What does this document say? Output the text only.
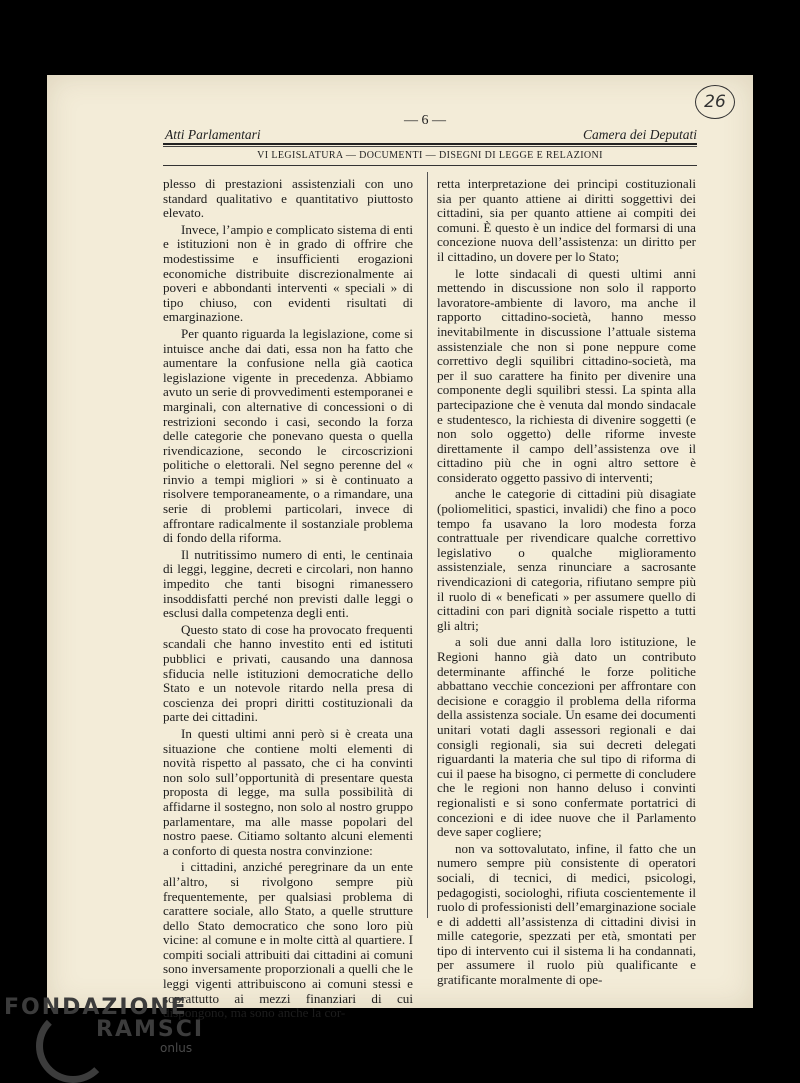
26
— 6 —
Atti Parlamentari	Camera dei Deputati
VI LEGISLATURA — DOCUMENTI — DISEGNI DI LEGGE E RELAZIONI

plesso di prestazioni assistenziali con uno standard qualitativo e quantitativo piuttosto elevato.

Invece, l’ampio e complicato sistema di enti e istituzioni non è in grado di offrire che modestissime e insufficienti erogazioni economiche distribuite discrezionalmente ai poveri e abbondanti interventi « speciali » di tipo chiuso, con evidenti risultati di emarginazione.

Per quanto riguarda la legislazione, come si intuisce anche dai dati, essa non ha fatto che aumentare la confusione nella già caotica legislazione vigente in precedenza. Abbiamo avuto un serie di provvedimenti estemporanei e marginali, con alternative di concessioni o di restrizioni secondo i casi, secondo la forza delle categorie che ponevano questa o quella rivendicazione, secondo le circoscrizioni politiche o elettorali. Nel segno perenne del « rinvio a tempi migliori » si è continuato a risolvere temporaneamente, o a rimandare, una serie di problemi particolari, invece di affrontare radicalmente il sostanziale problema di fondo della riforma.

Il nutritissimo numero di enti, le centinaia di leggi, leggine, decreti e circolari, non hanno impedito che tanti bisogni rimanessero insoddisfatti perché non previsti dalle leggi o esclusi dalla competenza degli enti.

Questo stato di cose ha provocato frequenti scandali che hanno investito enti ed istituti pubblici e privati, causando una dannosa sfiducia nelle istituzioni democratiche dello Stato e un notevole ritardo nella presa di coscienza dei propri diritti costituzionali da parte dei cittadini.

In questi ultimi anni però si è creata una situazione che contiene molti elementi di novità rispetto al passato, che ci ha convinti non solo sull’opportunità di presentare questa proposta di legge, ma sulla possibilità di affidarne il sostegno, non solo al nostro gruppo parlamentare, ma alle masse popolari del nostro paese. Citiamo soltanto alcuni elementi a conforto di questa nostra convinzione:

i cittadini, anziché peregrinare da un ente all’altro, si rivolgono sempre più frequentemente, per qualsiasi problema di carattere sociale, allo Stato, a quelle strutture dello Stato democratico che sono loro più vicine: al comune e in molte città al quartiere. I compiti sociali attribuiti dai cittadini ai comuni sono inversamente proporzionali a quelli che le leggi vigenti attribuiscono ai comuni stessi e soprattutto ai mezzi finanziari di cui dispongono, ma sono anche la cor-

retta interpretazione dei principi costituzionali sia per quanto attiene ai diritti soggettivi dei cittadini, sia per quanto attiene ai compiti dei comuni. È questo è un indice del formarsi di una concezione nuova dell’assistenza: un diritto per il cittadino, un dovere per lo Stato;

le lotte sindacali di questi ultimi anni mettendo in discussione non solo il rapporto lavoratore-ambiente di lavoro, ma anche il rapporto cittadino-società, hanno messo inevitabilmente in discussione l’attuale sistema assistenziale che non si pone neppure come correttivo degli squilibri cittadino-società, ma per il suo carattere ha finito per divenire una componente degli squilibri stessi. La spinta alla partecipazione che è venuta dal mondo sindacale e studentesco, la richiesta di divenire soggetti (e non solo oggetto) delle riforme investe direttamente il campo dell’assistenza ove il cittadino più che in ogni altro settore è considerato oggetto passivo di interventi;

anche le categorie di cittadini più disagiate (poliomelitici, spastici, invalidi) che fino a poco tempo fa usavano la loro modesta forza contrattuale per rivendicare qualche correttivo legislativo o qualche miglioramento assistenziale, senza rinunciare a sacrosante rivendicazioni di categoria, rifiutano sempre più il ruolo di « beneficati » per assumere quello di cittadini con pari dignità sociale rispetto a tutti gli altri;

a soli due anni dalla loro istituzione, le Regioni hanno già dato un contributo determinante affinché le forze politiche abbattano vecchie concezioni per affrontare con decisione e coraggio il problema della riforma della assistenza sociale. Un esame dei documenti unitari votati dagli assessori regionali e dai consigli regionali, sia sui decreti delegati riguardanti la materia che sul tipo di riforma di cui il paese ha bisogno, ci permette di concludere che le regioni non hanno deluso i convinti regionalisti e si sono confermate portatrici di concezioni e di idee nuove che il Parlamento deve saper cogliere;

non va sottovalutato, infine, il fatto che un numero sempre più consistente di operatori sociali, di tecnici, di medici, psicologi, pedagogisti, sociologhi, rifiuta coscientemente il ruolo di professionisti dell’emarginazione sociale e di addetti all’assistenza di cittadini divisi in mille categorie, spezzati per età, smontati per tipo di intervento cui il sistema li ha condannati, per assumere il ruolo più qualificante e gratificante moralmente di ope-

FONDAZIONE
RAMSCI
onlus
